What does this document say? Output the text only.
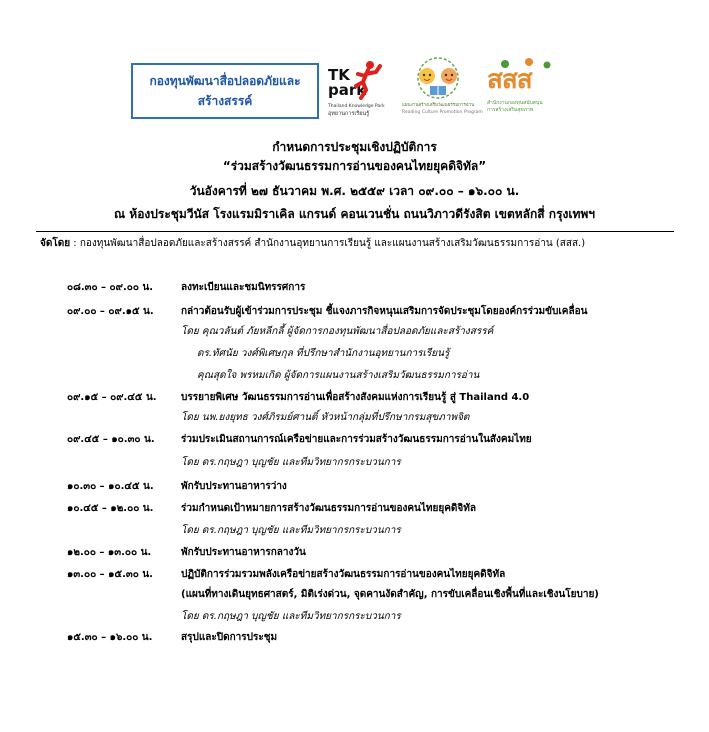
กองทุนพัฒนาสื่อปลอดภัยและ
สร้างสรรค์
TK park
Thailand Knowledge Park
อุทยานการเรียนรู้
แผนงานสร้างเสริมวัฒนธรรมการอ่าน
Reading Culture Promotion Program
สสส
สำนักงานกองทุนสนับสนุน
การสร้างเสริมสุขภาพ
กำหนดการประชุมเชิงปฏิบัติการ
“ร่วมสร้างวัฒนธรรมการอ่านของคนไทยยุคดิจิทัล”
วันอังคารที่ ๒๗ ธันวาคม พ.ศ. ๒๕๕๙ เวลา ๐๙.๐๐ – ๑๖.๐๐ น.
ณ ห้องประชุมวีนัส โรงแรมมิราเคิล แกรนด์ คอนเวนชั่น ถนนวิภาวดีรังสิต เขตหลักสี่ กรุงเทพฯ
จัดโดย : กองทุนพัฒนาสื่อปลอดภัยและสร้างสรรค์ สำนักงานอุทยานการเรียนรู้ และแผนงานสร้างเสริมวัฒนธรรมการอ่าน (สสส.)
๐๘.๓๐ – ๐๙.๐๐ น.	ลงทะเบียนและชมนิทรรศการ
๐๙.๐๐ – ๐๙.๑๕ น.	กล่าวต้อนรับผู้เข้าร่วมการประชุม ชี้แจงภารกิจหนุนเสริมการจัดประชุมโดยองค์กรร่วมขับเคลื่อน
โดย คุณวลันต์ ภัยหลีกลี้ ผู้จัดการกองทุนพัฒนาสื่อปลอดภัยและสร้างสรรค์
ดร.ทัศนัย วงศ์พิเศษกุล ที่ปรึกษาสำนักงานอุทยานการเรียนรู้
คุณสุดใจ พรหมเกิด ผู้จัดการแผนงานสร้างเสริมวัฒนธรรมการอ่าน
๐๙.๑๕ – ๐๙.๔๕ น.	บรรยายพิเศษ วัฒนธรรมการอ่านเพื่อสร้างสังคมแห่งการเรียนรู้ สู่ Thailand 4.0
โดย นพ.ยงยุทธ วงศ์ภิรมย์ศานติ์ หัวหน้ากลุ่มที่ปรึกษากรมสุขภาพจิต
๐๙.๔๕ – ๑๐.๓๐ น.	ร่วมประเมินสถานการณ์เครือข่ายและการร่วมสร้างวัฒนธรรมการอ่านในสังคมไทย
โดย ดร.กฤษฎา บุญชัย และทีมวิทยากรกระบวนการ
๑๐.๓๐ – ๑๐.๔๕ น.	พักรับประทานอาหารว่าง
๑๐.๔๕ – ๑๒.๐๐ น.	ร่วมกำหนดเป้าหมายการสร้างวัฒนธรรมการอ่านของคนไทยยุคดิจิทัล
โดย ดร.กฤษฎา บุญชัย และทีมวิทยากรกระบวนการ
๑๒.๐๐ – ๑๓.๐๐ น.	พักรับประทานอาหารกลางวัน
๑๓.๐๐ – ๑๕.๓๐ น.	ปฏิบัติการร่วมรวมพลังเครือข่ายสร้างวัฒนธรรมการอ่านของคนไทยยุคดิจิทัล
(แผนที่ทางเดินยุทธศาสตร์, มิติเร่งด่วน, จุดคานงัดสำคัญ, การขับเคลื่อนเชิงพื้นที่และเชิงนโยบาย)
โดย ดร.กฤษฎา บุญชัย และทีมวิทยากรกระบวนการ
๑๕.๓๐ – ๑๖.๐๐ น.	สรุปและปิดการประชุม
